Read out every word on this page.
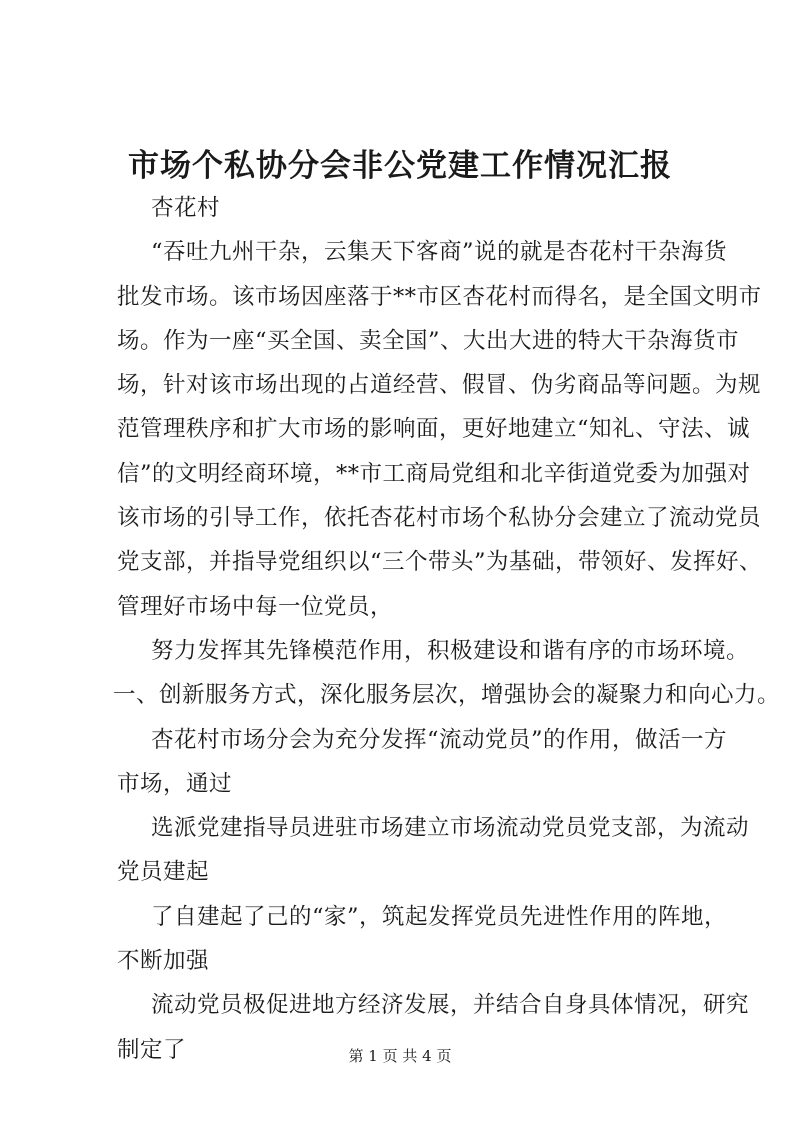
市场个私协分会非公党建工作情况汇报
杏花村
“吞吐九州干杂，云集天下客商”说的就是杏花村干杂海货
批发市场。该市场因座落于**市区杏花村而得名，是全国文明市
场。作为一座“买全国、卖全国”、大出大进的特大干杂海货市
场，针对该市场出现的占道经营、假冒、伪劣商品等问题。为规
范管理秩序和扩大市场的影响面，更好地建立“知礼、守法、诚
信”的文明经商环境，**市工商局党组和北辛街道党委为加强对
该市场的引导工作，依托杏花村市场个私协分会建立了流动党员
党支部，并指导党组织以“三个带头”为基础，带领好、发挥好、
管理好市场中每一位党员，
努力发挥其先锋模范作用，积极建设和谐有序的市场环境。
一、创新服务方式，深化服务层次，增强协会的凝聚力和向心力。
杏花村市场分会为充分发挥“流动党员”的作用，做活一方
市场，通过
选派党建指导员进驻市场建立市场流动党员党支部，为流动
党员建起
了自建起了己的“家”，筑起发挥党员先进性作用的阵地，
不断加强
流动党员极促进地方经济发展，并结合自身具体情况，研究
制定了	第 1 页 共 4 页
